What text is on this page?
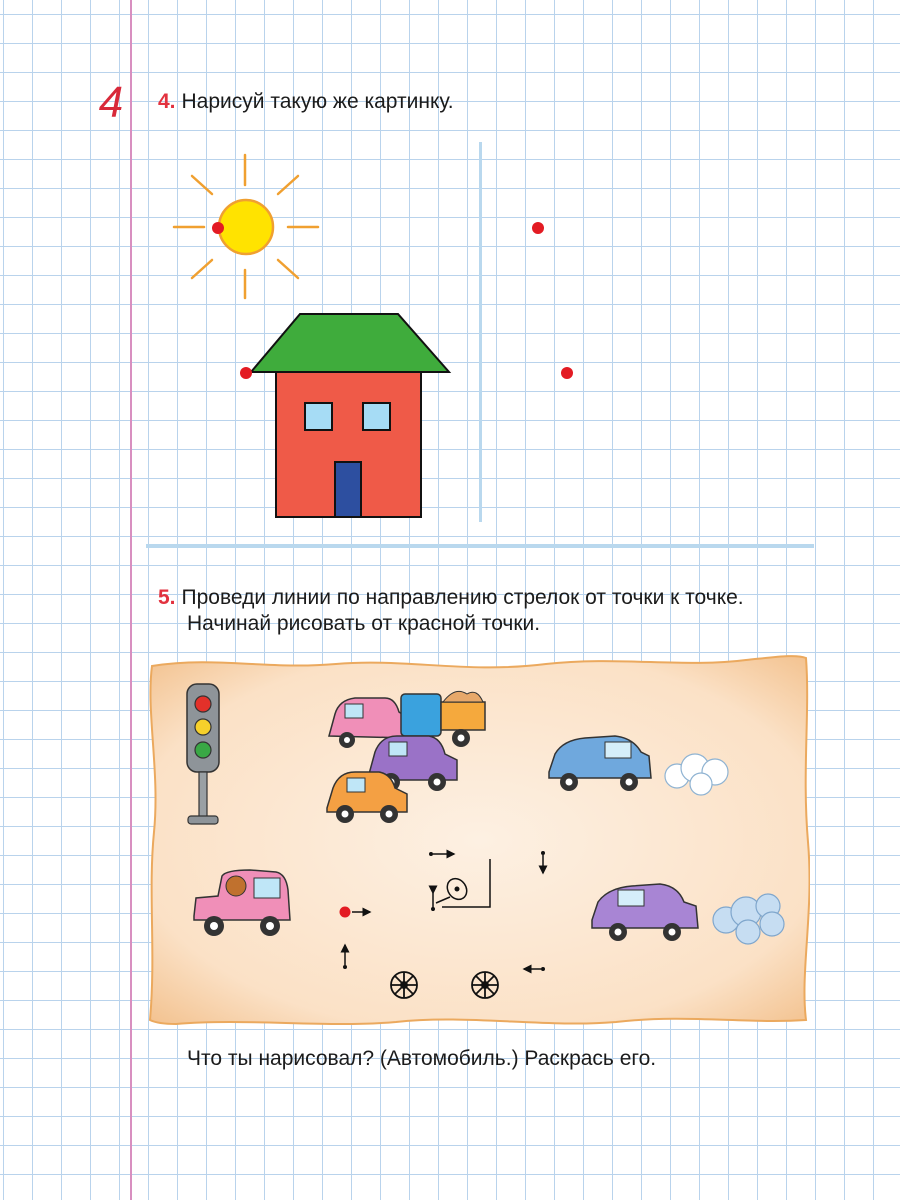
4 4. Нарисуй такую же картинку.
5. Проведи линии по направлению стрелок от точки к точке.
Начинай рисовать от красной точки.
Что ты нарисовал? (Автомобиль.) Раскрась его.
